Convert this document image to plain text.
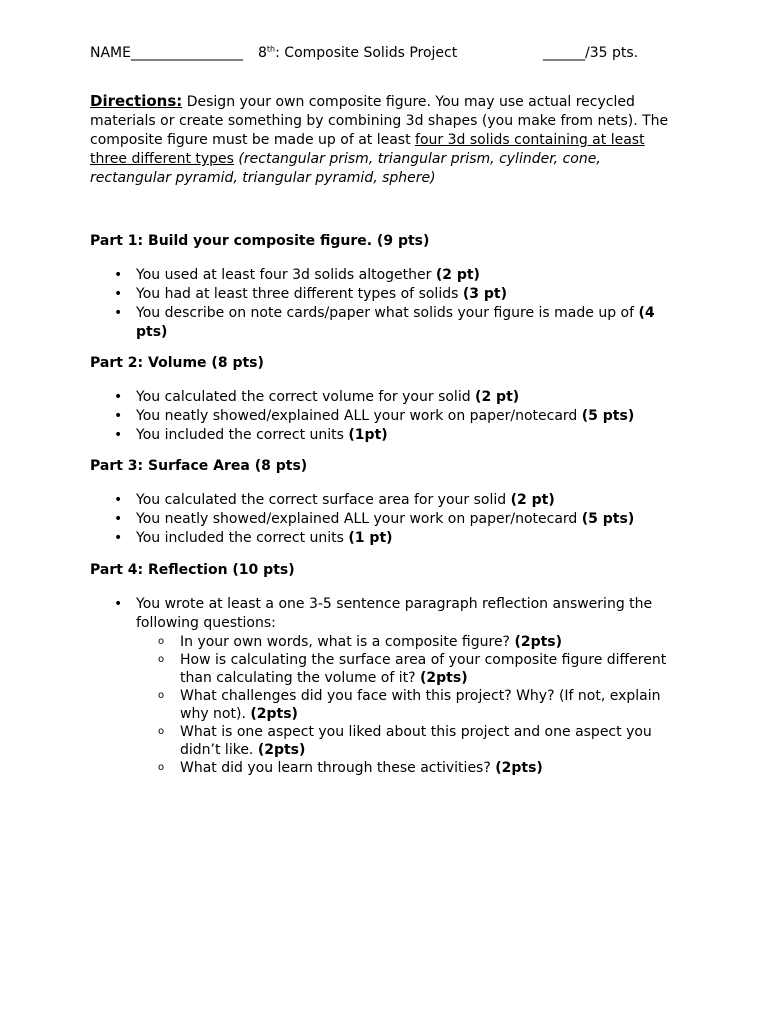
NAME________________ 8th: Composite Solids Project	______/35 pts.
Directions: Design your own composite figure. You may use actual recycled materials or create something by combining 3d shapes (you make from nets). The composite figure must be made up of at least four 3d solids containing at least three different types (rectangular prism, triangular prism, cylinder, cone, rectangular pyramid, triangular pyramid, sphere)
Part 1: Build your composite figure. (9 pts)
• You used at least four 3d solids altogether (2 pt)
• You had at least three different types of solids (3 pt)
• You describe on note cards/paper what solids your figure is made up of (4 pts)
Part 2: Volume (8 pts)
• You calculated the correct volume for your solid (2 pt)
• You neatly showed/explained ALL your work on paper/notecard (5 pts)
• You included the correct units (1pt)
Part 3: Surface Area (8 pts)
• You calculated the correct surface area for your solid (2 pt)
• You neatly showed/explained ALL your work on paper/notecard (5 pts)
• You included the correct units (1 pt)
Part 4: Reflection (10 pts)
• You wrote at least a one 3-5 sentence paragraph reflection answering the following questions:
o In your own words, what is a composite figure? (2pts)
o How is calculating the surface area of your composite figure different than calculating the volume of it? (2pts)
o What challenges did you face with this project? Why? (If not, explain why not). (2pts)
o What is one aspect you liked about this project and one aspect you didn’t like. (2pts)
o What did you learn through these activities? (2pts)
